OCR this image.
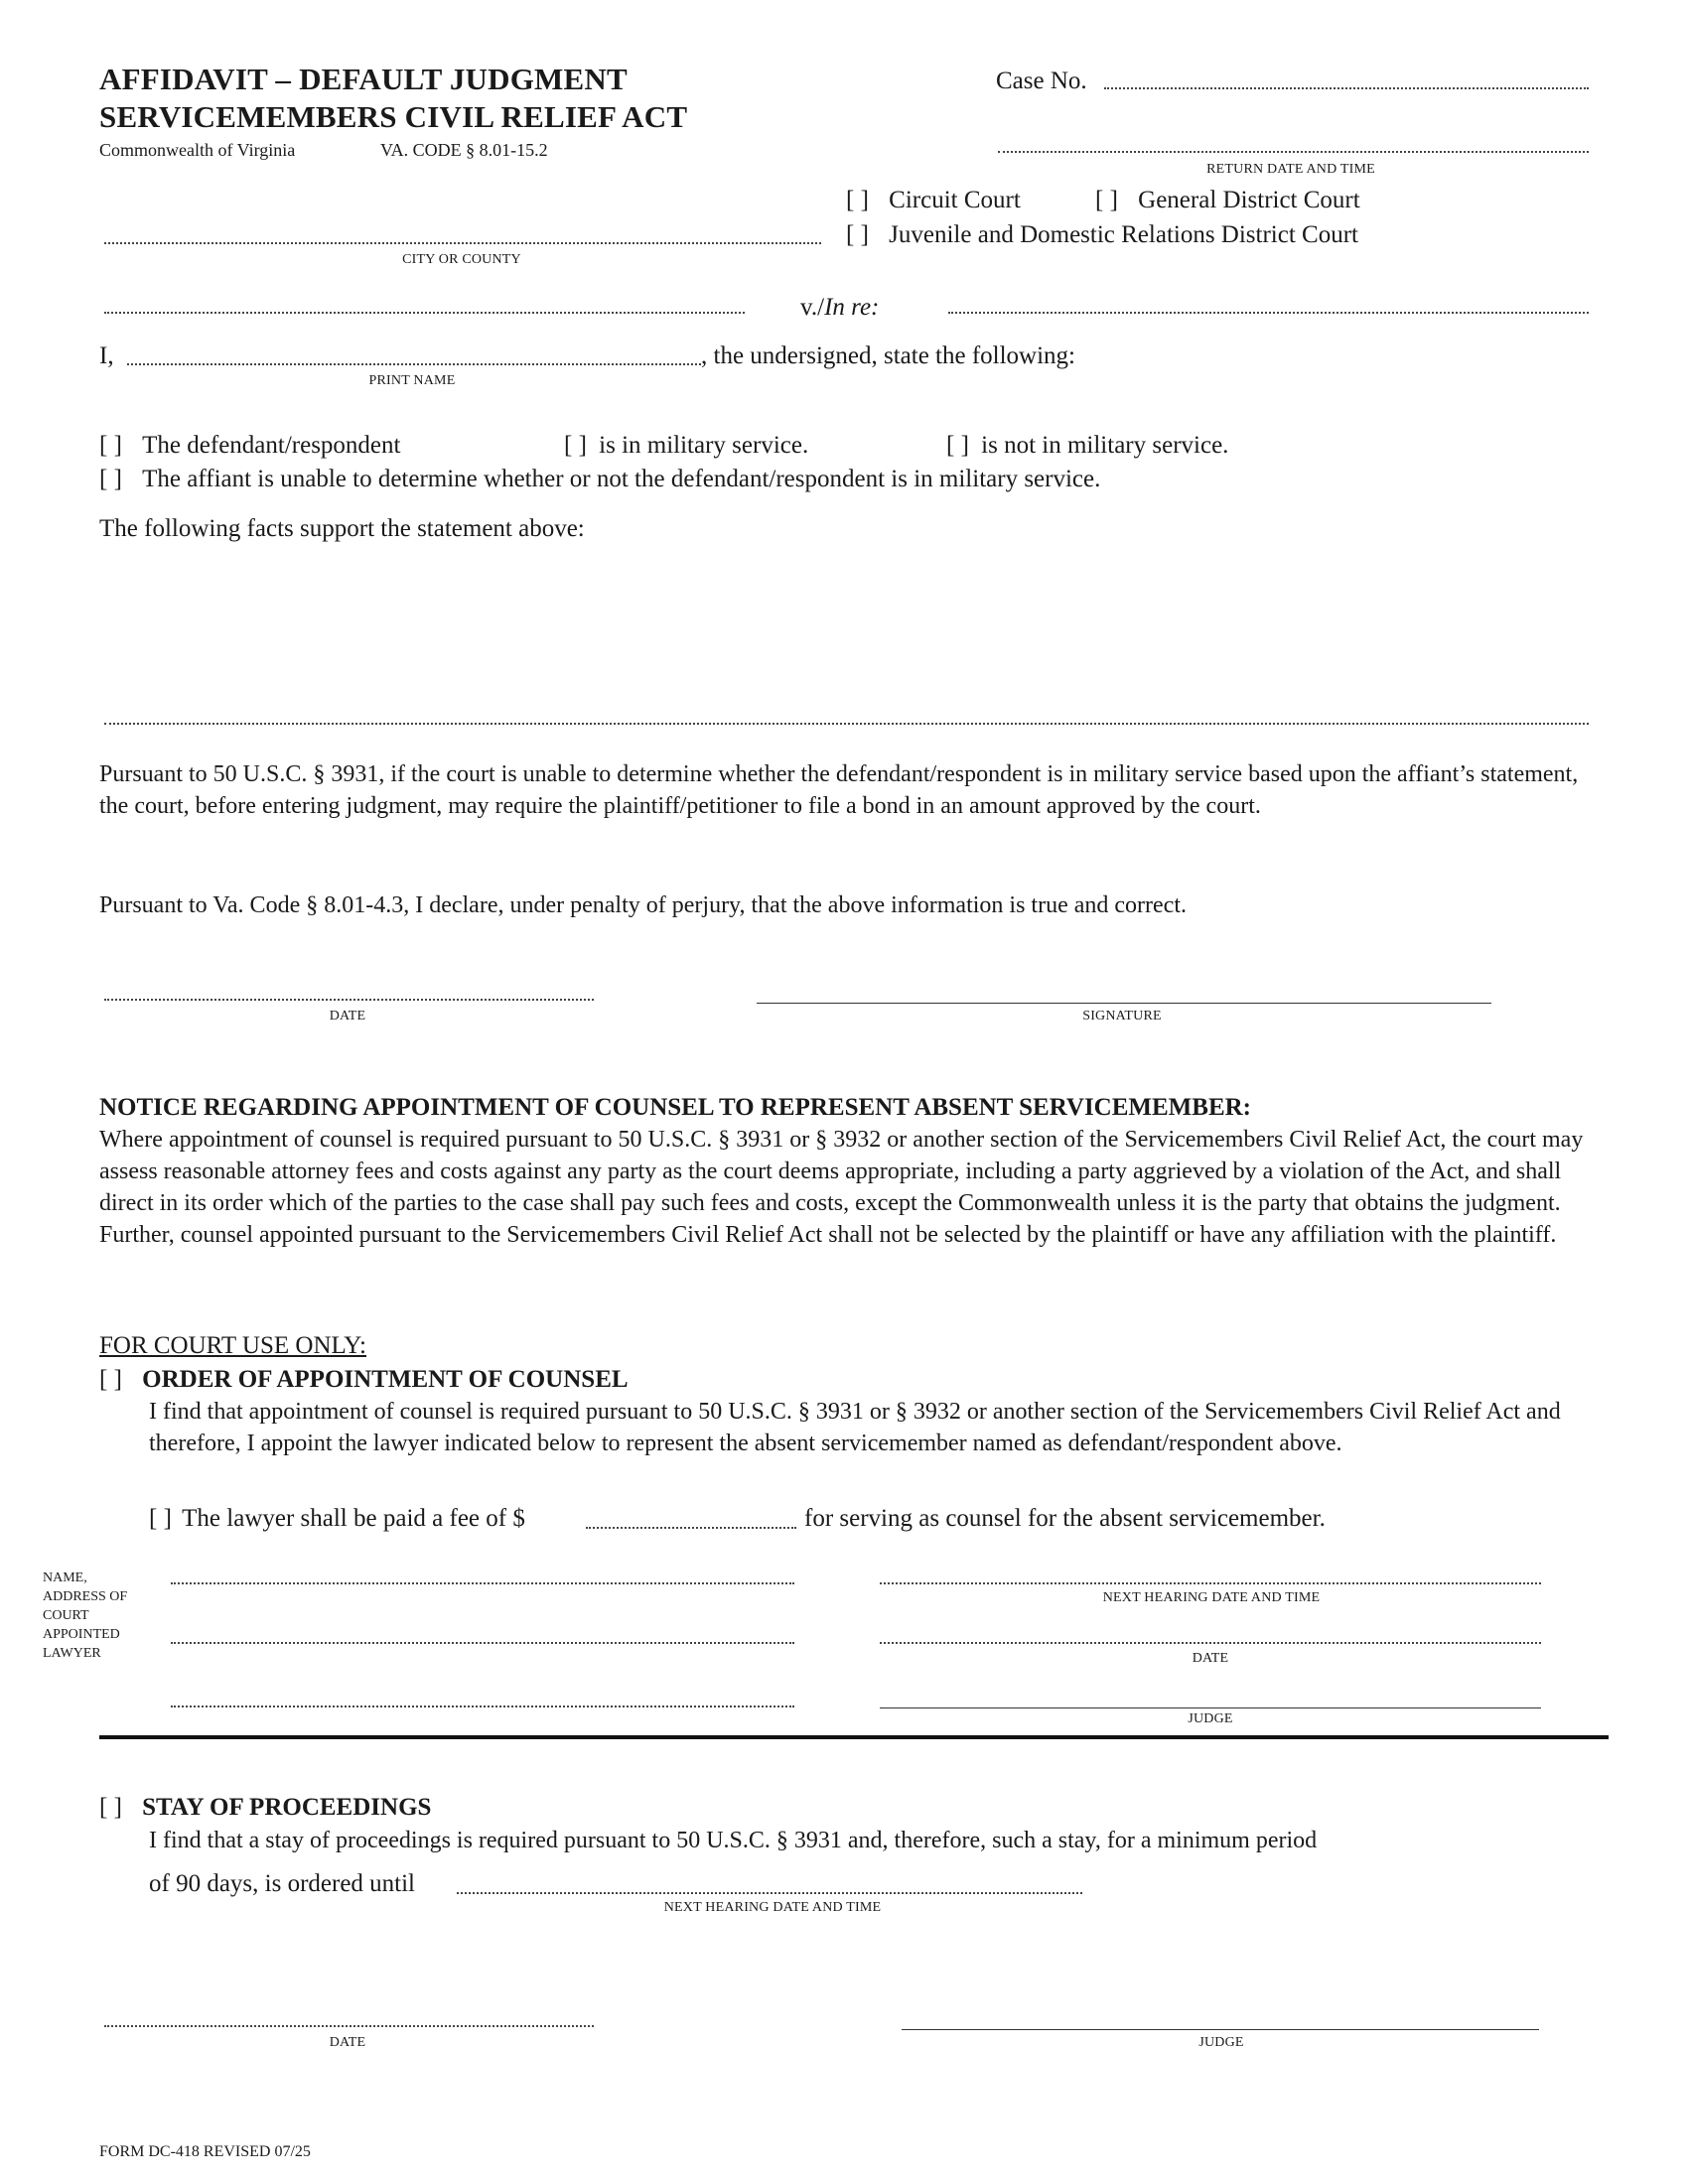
AFFIDAVIT – DEFAULT JUDGMENT
SERVICEMEMBERS CIVIL RELIEF ACT
Commonwealth of Virginia	VA. CODE § 8.01-15.2
Case No.
RETURN DATE AND TIME
[ ] Circuit Court	[ ] General District Court
[ ] Juvenile and Domestic Relations District Court
CITY OR COUNTY
v./In re:
I,	, the undersigned, state the following:
PRINT NAME
[ ] The defendant/respondent	[ ] is in military service.	[ ] is not in military service.
[ ] The affiant is unable to determine whether or not the defendant/respondent is in military service.
The following facts support the statement above:
Pursuant to 50 U.S.C. § 3931, if the court is unable to determine whether the defendant/respondent is in military service based upon the affiant’s statement, the court, before entering judgment, may require the plaintiff/petitioner to file a bond in an amount approved by the court.
Pursuant to Va. Code § 8.01-4.3, I declare, under penalty of perjury, that the above information is true and correct.
DATE	SIGNATURE
NOTICE REGARDING APPOINTMENT OF COUNSEL TO REPRESENT ABSENT SERVICEMEMBER:
Where appointment of counsel is required pursuant to 50 U.S.C. § 3931 or § 3932 or another section of the Servicemembers Civil Relief Act, the court may assess reasonable attorney fees and costs against any party as the court deems appropriate, including a party aggrieved by a violation of the Act, and shall direct in its order which of the parties to the case shall pay such fees and costs, except the Commonwealth unless it is the party that obtains the judgment. Further, counsel appointed pursuant to the Servicemembers Civil Relief Act shall not be selected by the plaintiff or have any affiliation with the plaintiff.
FOR COURT USE ONLY:
[ ] ORDER OF APPOINTMENT OF COUNSEL
I find that appointment of counsel is required pursuant to 50 U.S.C. § 3931 or § 3932 or another section of the Servicemembers Civil Relief Act and therefore, I appoint the lawyer indicated below to represent the absent servicemember named as defendant/respondent above.
[ ] The lawyer shall be paid a fee of $	for serving as counsel for the absent servicemember.
NAME,
ADDRESS OF
COURT
APPOINTED
LAWYER
NEXT HEARING DATE AND TIME
DATE
JUDGE
[ ] STAY OF PROCEEDINGS
I find that a stay of proceedings is required pursuant to 50 U.S.C. § 3931 and, therefore, such a stay, for a minimum period
of 90 days, is ordered until
NEXT HEARING DATE AND TIME
DATE	JUDGE
FORM DC-418 REVISED 07/25
